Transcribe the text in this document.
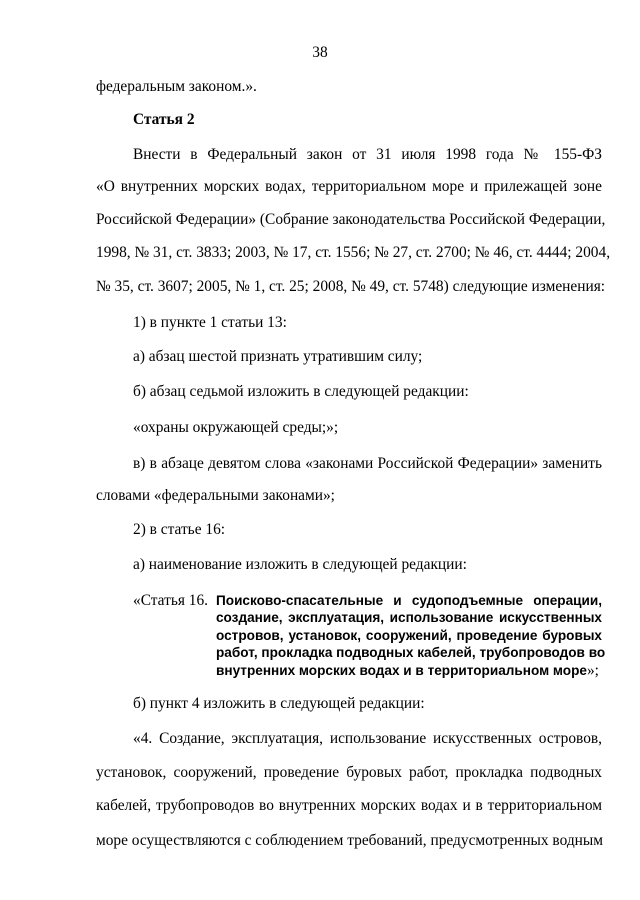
38
федеральным законом.».
Статья 2
Внести в Федеральный закон от 31 июля 1998 года № 155-ФЗ
«О внутренних морских водах, территориальном море и прилежащей зоне
Российской Федерации» (Собрание законодательства Российской Федерации,
1998, № 31, ст. 3833; 2003, № 17, ст. 1556; № 27, ст. 2700; № 46, ст. 4444; 2004,
№ 35, ст. 3607; 2005, № 1, ст. 25; 2008, № 49, ст. 5748) следующие изменения:
1) в пункте 1 статьи 13:
а) абзац шестой признать утратившим силу;
б) абзац седьмой изложить в следующей редакции:
«охраны окружающей среды;»;
в) в абзаце девятом слова «законами Российской Федерации» заменить
словами «федеральными законами»;
2) в статье 16:
а) наименование изложить в следующей редакции:
«Статья 16. Поисково-спасательные и судоподъемные операции,
создание, эксплуатация, использование искусственных
островов, установок, сооружений, проведение буровых
работ, прокладка подводных кабелей, трубопроводов во
внутренних морских водах и в территориальном море»;
б) пункт 4 изложить в следующей редакции:
«4. Создание, эксплуатация, использование искусственных островов,
установок, сооружений, проведение буровых работ, прокладка подводных
кабелей, трубопроводов во внутренних морских водах и в территориальном
море осуществляются с соблюдением требований, предусмотренных водным
